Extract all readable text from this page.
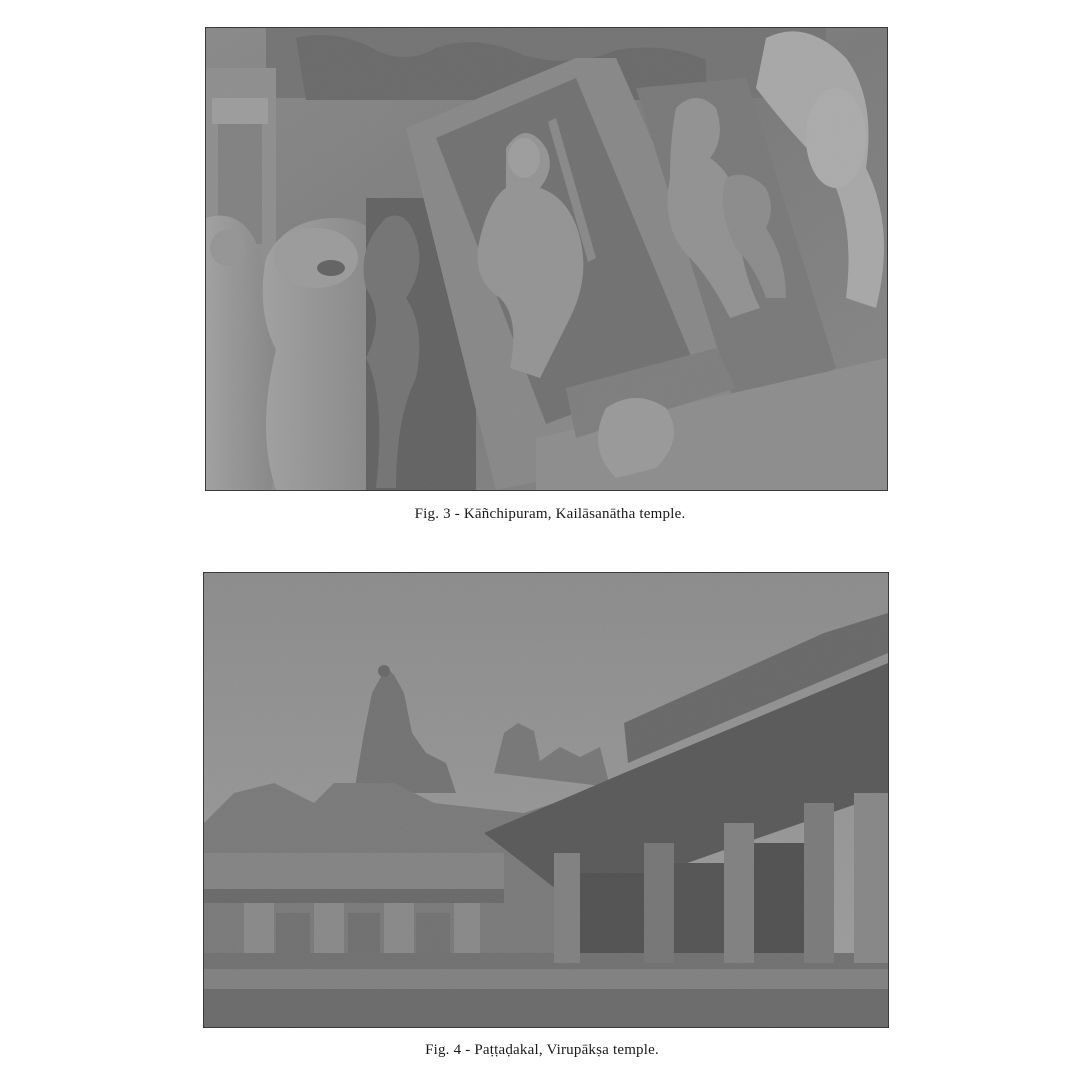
Fig. 3 - Kāñchipuram, Kailāsanātha temple.
Fig. 4 - Paṭṭaḍakal, Virupākṣa temple.
